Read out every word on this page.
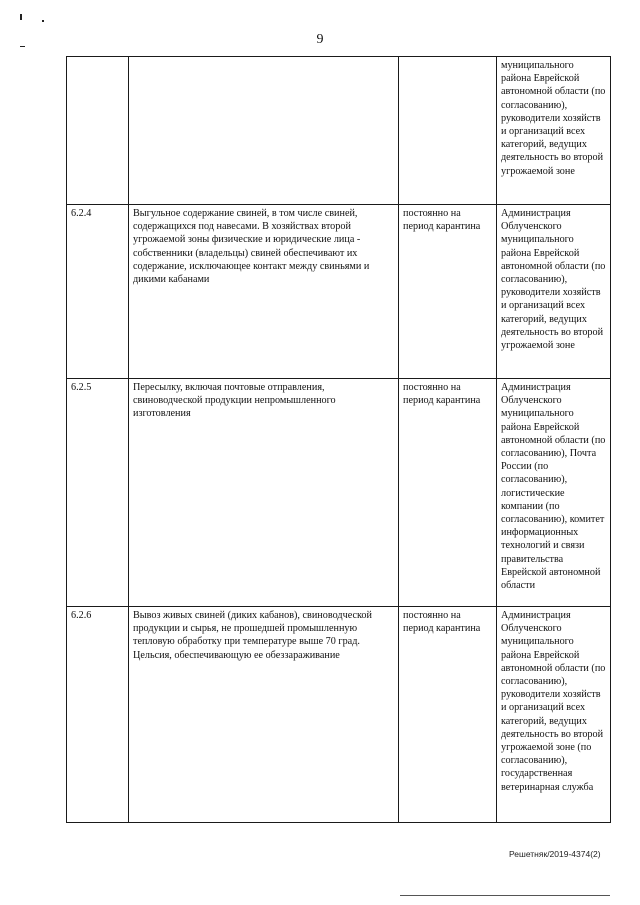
9
			муниципального района Еврейской автономной области (по согласованию), руководители хозяйств и организаций всех категорий, ведущих деятельность во второй угрожаемой зоне
6.2.4	Выгульное содержание свиней, в том числе свиней, содержащихся под навесами. В хозяйствах второй угрожаемой зоны физические и юридические лица - собственники (владельцы) свиней обеспечивают их содержание, исключающее контакт между свиньями и дикими кабанами	постоянно на период карантина	Администрация Облученского муниципального района Еврейской автономной области (по согласованию), руководители хозяйств и организаций всех категорий, ведущих деятельность во второй угрожаемой зоне
6.2.5	Пересылку, включая почтовые отправления, свиноводческой продукции непромышленного изготовления	постоянно на период карантина	Администрация Облученского муниципального района Еврейской автономной области (по согласованию), Почта России (по согласованию), логистические компании (по согласованию), комитет информационных технологий и связи правительства Еврейской автономной области
6.2.6	Вывоз живых свиней (диких кабанов), свиноводческой продукции и сырья, не прошедшей промышленную тепловую обработку при температуре выше 70 град. Цельсия, обеспечивающую ее обеззараживание	постоянно на период карантина	Администрация Облученского муниципального района Еврейской автономной области (по согласованию), руководители хозяйств и организаций всех категорий, ведущих деятельность во второй угрожаемой зоне (по согласованию), государственная ветеринарная служба
Решетняк/2019-4374(2)
